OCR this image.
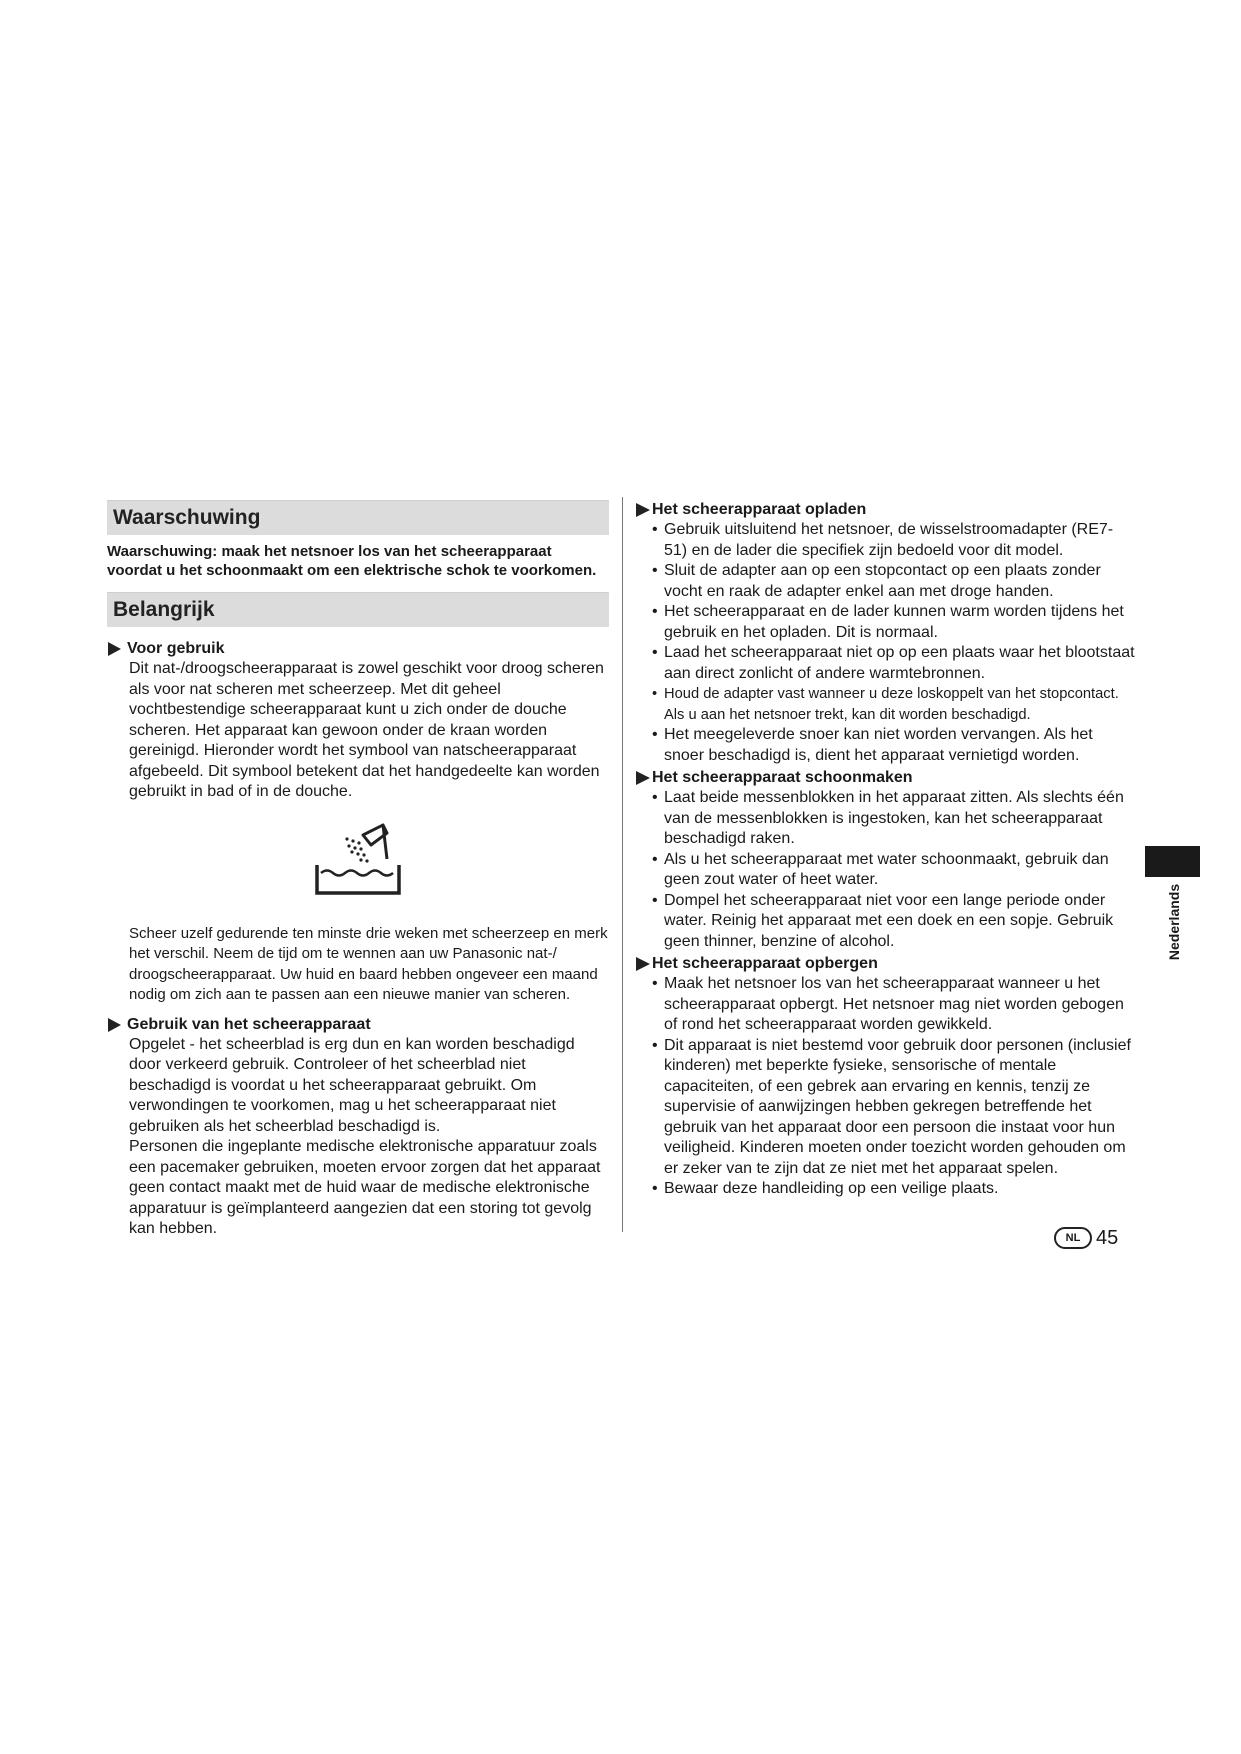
Waarschuwing

Waarschuwing: maak het netsnoer los van het scheerapparaat voordat u het schoonmaakt om een elektrische schok te voorkomen.

Belangrijk

Voor gebruik

Dit nat-/droogscheerapparaat is zowel geschikt voor droog scheren als voor nat scheren met scheerzeep. Met dit geheel vochtbestendige scheerapparaat kunt u zich onder de douche scheren. Het apparaat kan gewoon onder de kraan worden gereinigd. Hieronder wordt het symbool van natscheerapparaat afgebeeld. Dit symbool betekent dat het handgedeelte kan worden gebruikt in bad of in de douche.

Scheer uzelf gedurende ten minste drie weken met scheerzeep en merk het verschil. Neem de tijd om te wennen aan uw Panasonic nat-/ droogscheerapparaat. Uw huid en baard hebben ongeveer een maand nodig om zich aan te passen aan een nieuwe manier van scheren.

Gebruik van het scheerapparaat

Opgelet - het scheerblad is erg dun en kan worden beschadigd door verkeerd gebruik. Controleer of het scheerblad niet beschadigd is voordat u het scheerapparaat gebruikt. Om verwondingen te voorkomen, mag u het scheerapparaat niet gebruiken als het scheerblad beschadigd is.

Personen die ingeplante medische elektronische apparatuur zoals een pacemaker gebruiken, moeten ervoor zorgen dat het apparaat geen contact maakt met de huid waar de medische elektronische apparatuur is geïmplanteerd aangezien dat een storing tot gevolg kan hebben.

Het scheerapparaat opladen

• Gebruik uitsluitend het netsnoer, de wisselstroomadapter (RE7-51) en de lader die specifiek zijn bedoeld voor dit model.
• Sluit de adapter aan op een stopcontact op een plaats zonder vocht en raak de adapter enkel aan met droge handen.
• Het scheerapparaat en de lader kunnen warm worden tijdens het gebruik en het opladen. Dit is normaal.
• Laad het scheerapparaat niet op op een plaats waar het blootstaat aan direct zonlicht of andere warmtebronnen.
• Houd de adapter vast wanneer u deze loskoppelt van het stopcontact. Als u aan het netsnoer trekt, kan dit worden beschadigd.
• Het meegeleverde snoer kan niet worden vervangen. Als het snoer beschadigd is, dient het apparaat vernietigd worden.

Het scheerapparaat schoonmaken

• Laat beide messenblokken in het apparaat zitten. Als slechts één van de messenblokken is ingestoken, kan het scheerapparaat beschadigd raken.
• Als u het scheerapparaat met water schoonmaakt, gebruik dan geen zout water of heet water.
• Dompel het scheerapparaat niet voor een lange periode onder water. Reinig het apparaat met een doek en een sopje. Gebruik geen thinner, benzine of alcohol.

Het scheerapparaat opbergen

• Maak het netsnoer los van het scheerapparaat wanneer u het scheerapparaat opbergt. Het netsnoer mag niet worden gebogen of rond het scheerapparaat worden gewikkeld.
• Dit apparaat is niet bestemd voor gebruik door personen (inclusief kinderen) met beperkte fysieke, sensorische of mentale capaciteiten, of een gebrek aan ervaring en kennis, tenzij ze supervisie of aanwijzingen hebben gekregen betreffende het gebruik van het apparaat door een persoon die instaat voor hun veiligheid. Kinderen moeten onder toezicht worden gehouden om er zeker van te zijn dat ze niet met het apparaat spelen.
• Bewaar deze handleiding op een veilige plaats.
Nederlands
NL 45
